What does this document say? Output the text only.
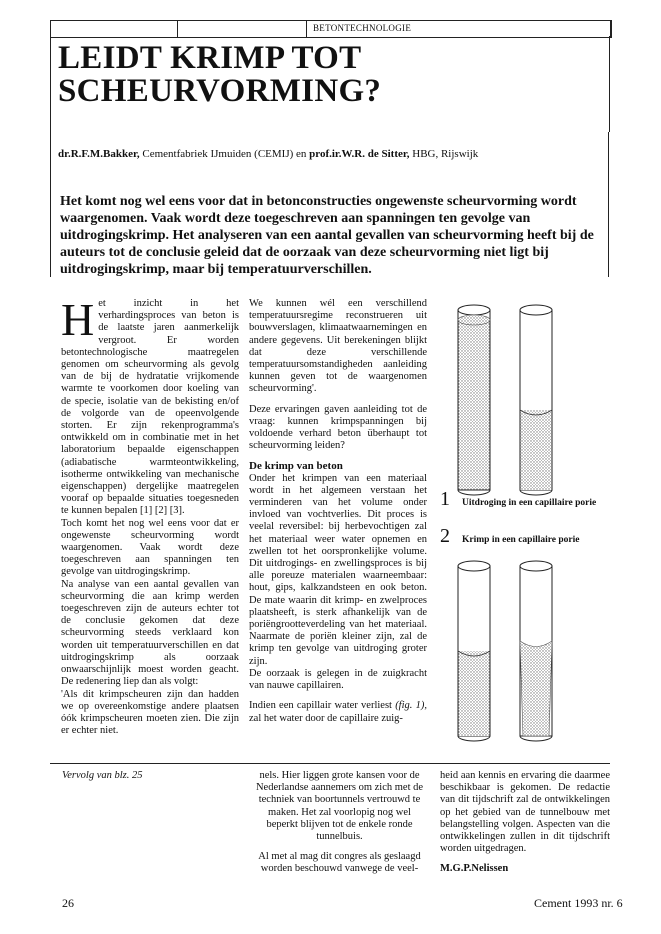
BETONTECHNOLOGIE
LEIDT KRIMP TOT
SCHEURVORMING?
dr.R.F.M.Bakker, Cementfabriek IJmuiden (CEMIJ) en prof.ir.W.R. de Sitter, HBG, Rijswijk
Het komt nog wel eens voor dat in betonconstructies ongewenste scheurvorming wordt waargenomen. Vaak wordt deze toegeschreven aan spanningen ten gevolge van uitdrogingskrimp. Het analyseren van een aantal gevallen van scheurvorming heeft bij de auteurs tot de conclusie geleid dat de oorzaak van deze scheurvorming niet ligt bij uitdrogingskrimp, maar bij temperatuurverschillen.

Het inzicht in het verhardingsproces van beton is de laatste jaren aanmerkelijk vergroot. Er worden betontechnologische maatregelen genomen om scheurvorming als gevolg van de bij de hydratatie vrijkomende warmte te voorkomen door koeling van de specie, isolatie van de bekisting en/of de volgorde van de opeenvolgende storten. Er zijn rekenprogramma's ontwikkeld om in combinatie met in het laboratorium bepaalde eigenschappen (adiabatische warmteontwikkeling, isotherme ontwikkeling van mechanische eigenschappen) dergelijke maatregelen vooraf op bepaalde situaties toegesneden te kunnen bepalen [1] [2] [3].

Toch komt het nog wel eens voor dat er ongewenste scheurvorming wordt waargenomen. Vaak wordt deze toegeschreven aan spanningen ten gevolge van uitdrogingskrimp.

Na analyse van een aantal gevallen van scheurvorming die aan krimp werden toegeschreven zijn de auteurs echter tot de conclusie gekomen dat deze scheurvorming steeds verklaard kon worden uit temperatuurverschillen en dat uitdrogingskrimp als oorzaak onwaarschijnlijk moest worden geacht. De redenering liep dan als volgt:

'Als dit krimpscheuren zijn dan hadden we op overeenkomstige andere plaatsen óók krimpscheuren moeten zien. Die zijn er echter niet.

We kunnen wél een verschillend temperatuursregime reconstrueren uit bouwverslagen, klimaatwaarnemingen en andere gegevens. Uit berekeningen blijkt dat deze verschillende temperatuursomstandigheden aanleiding kunnen geven tot de waargenomen scheurvorming'.

Deze ervaringen gaven aanleiding tot de vraag: kunnen krimpspanningen bij voldoende verhard beton überhaupt tot scheurvorming leiden?

De krimp van beton

Onder het krimpen van een materiaal wordt in het algemeen verstaan het verminderen van het volume onder invloed van vochtverlies. Dit proces is veelal reversibel: bij herbevochtigen zal het materiaal weer water opnemen en zwellen tot het oorspronkelijke volume. Dit uitdrogings- en zwellingsproces is bij alle poreuze materialen waarneembaar: hout, gips, kalkzandsteen en ook beton. De mate waarin dit krimp- en zwelproces plaatsheeft, is sterk afhankelijk van de poriëngrootteverdeling van het materiaal. Naarmate de poriën kleiner zijn, zal de krimp ten gevolge van uitdroging groter zijn.

De oorzaak is gelegen in de zuigkracht van nauwe capillairen.

Indien een capillair water verliest (fig. 1), zal het water door de capillaire zuig-

1 Uitdroging in een capillaire porie
2 Krimp in een capillaire porie
Vervolg van blz. 25	nels. Hier liggen grote kansen voor de Nederlandse aannemers om zich met de techniek van boortunnels vertrouwd te maken. Het zal voorlopig nog wel beperkt blijven tot de enkele ronde tunnelbuis.

Al met al mag dit congres als geslaagd worden beschouwd vanwege de veel-

heid aan kennis en ervaring die daarmee beschikbaar is gekomen. De redactie van dit tijdschrift zal de ontwikkelingen op het gebied van de tunnelbouw met belangstelling volgen. Aspecten van die ontwikkelingen zullen in dit tijdschrift worden uitgedragen.

M.G.P.Nelissen

26	Cement 1993 nr. 6
